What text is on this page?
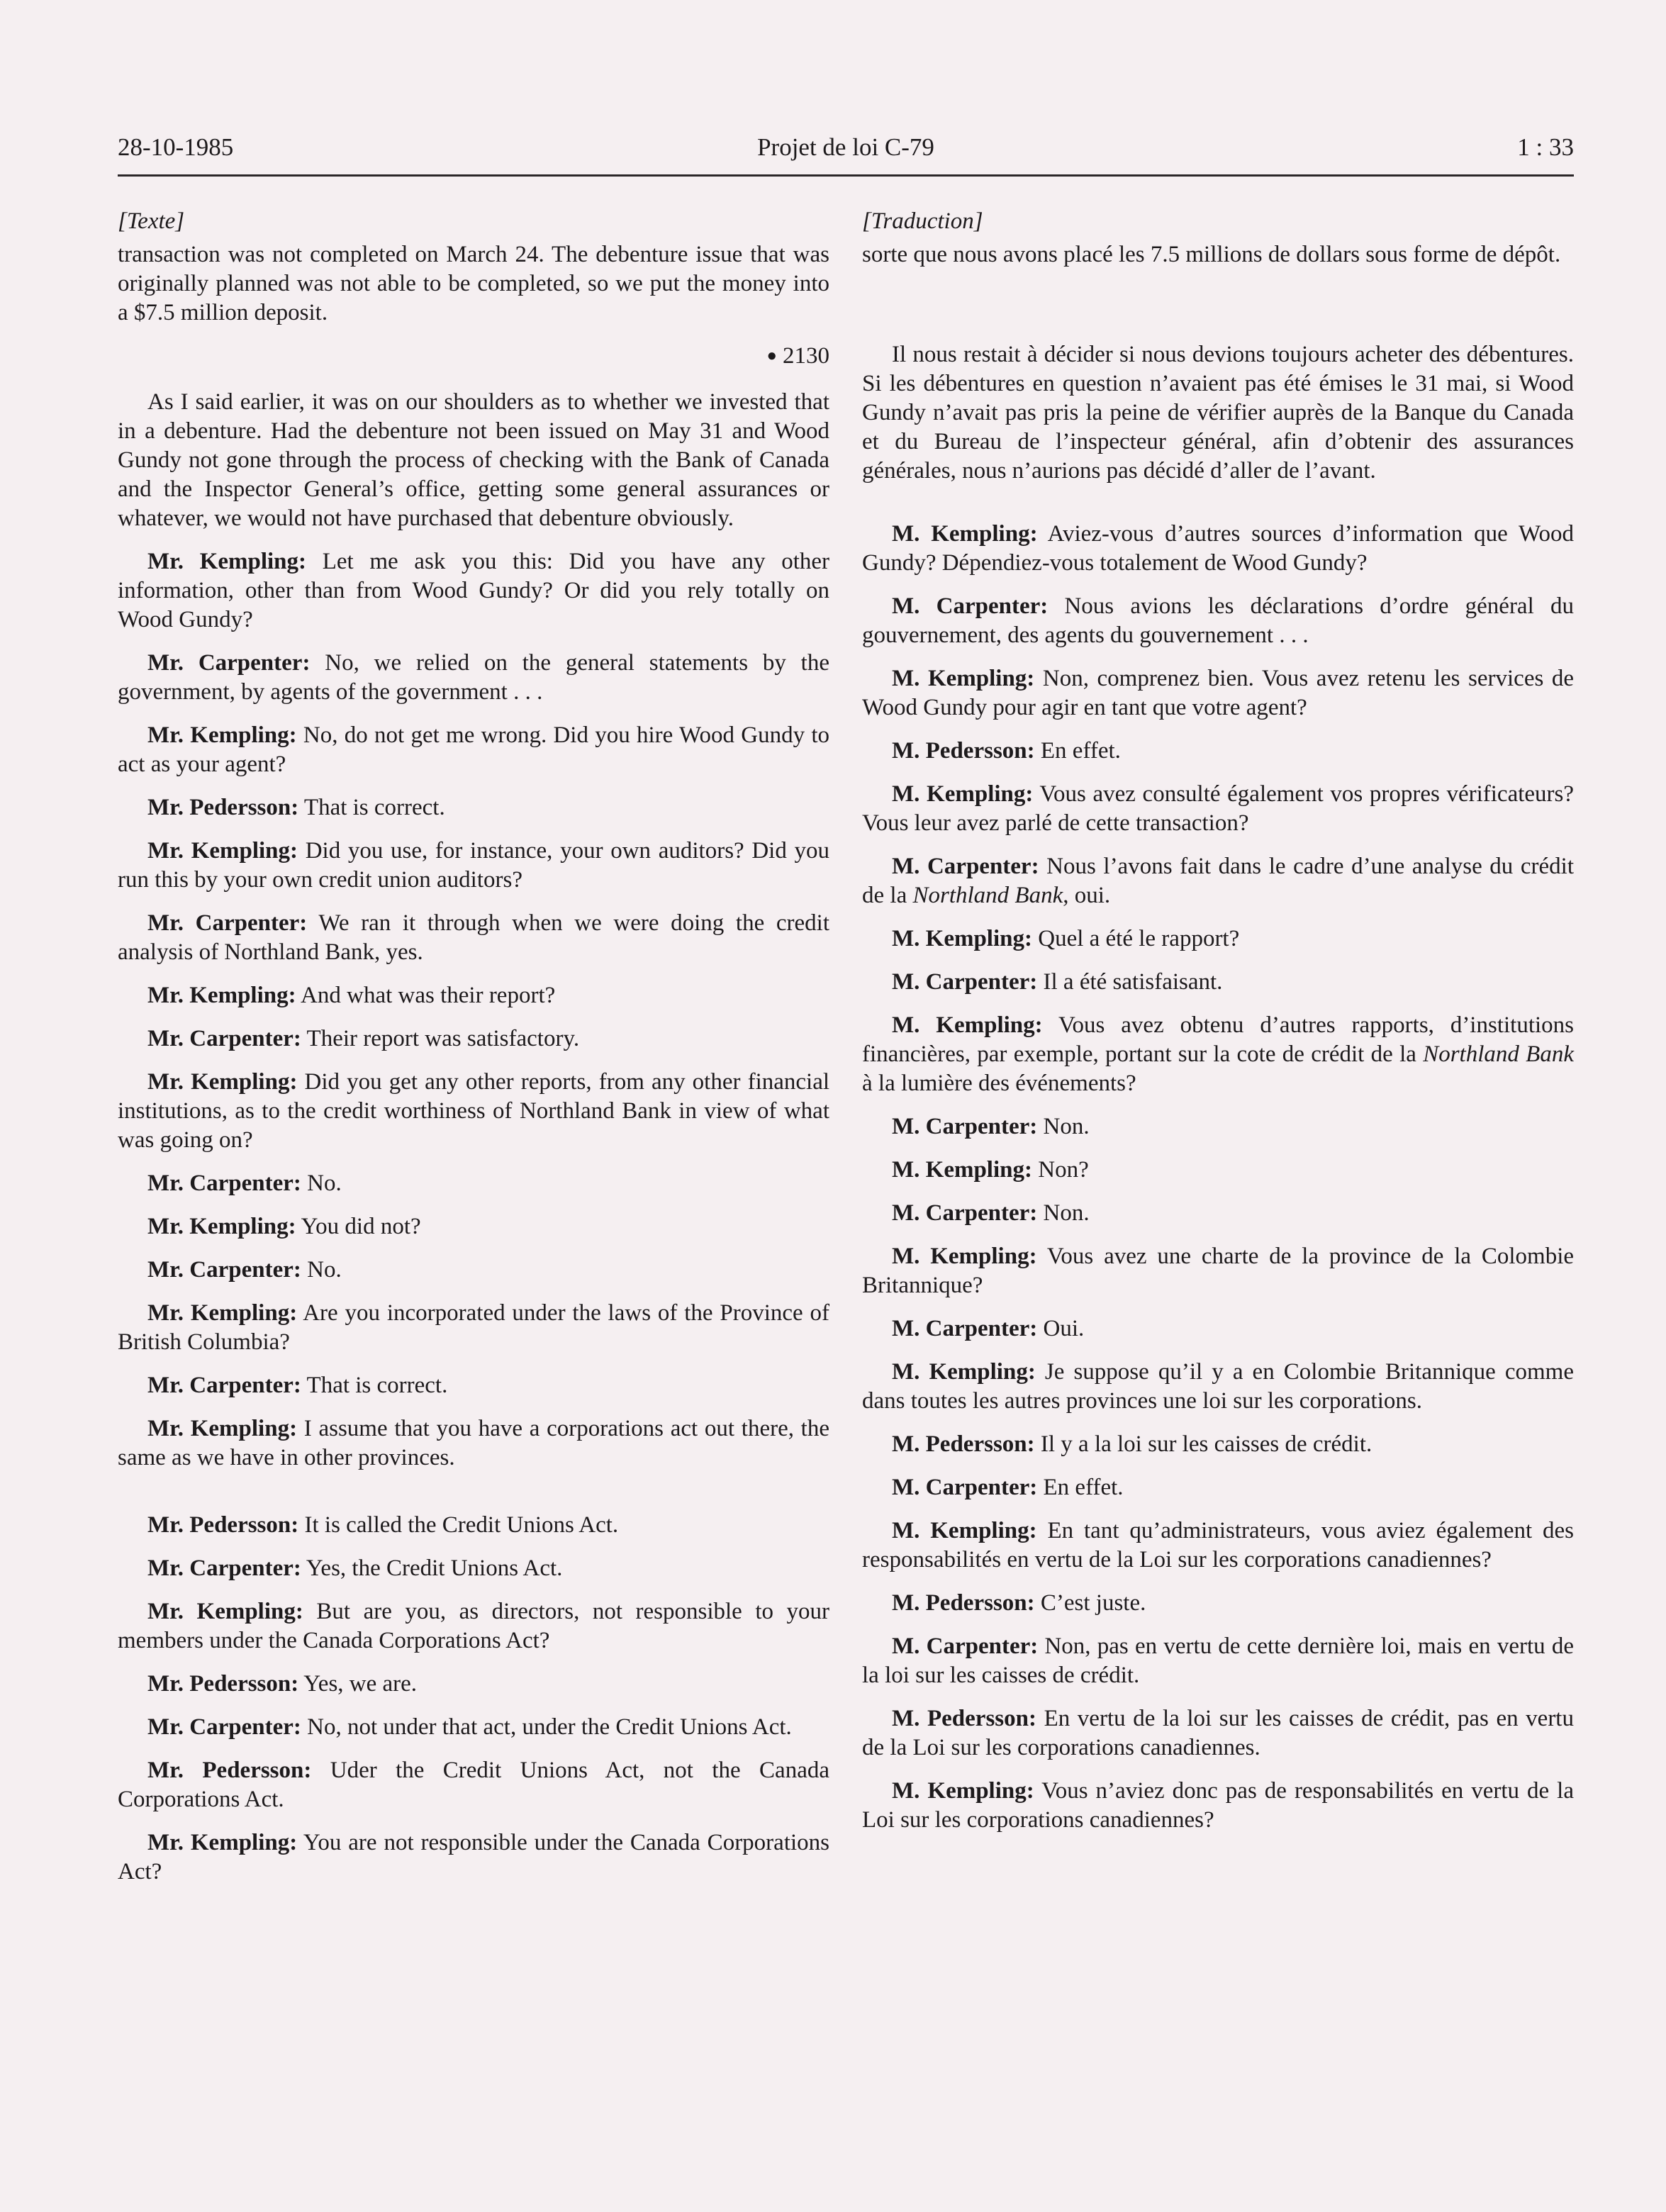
28-10-1985	Projet de loi C-79	1 : 33

[Texte]

transaction was not completed on March 24. The debenture issue that was originally planned was not able to be completed, so we put the money into a $7.5 million deposit.

● 2130

As I said earlier, it was on our shoulders as to whether we invested that in a debenture. Had the debenture not been issued on May 31 and Wood Gundy not gone through the process of checking with the Bank of Canada and the Inspector General’s office, getting some general assurances or whatever, we would not have purchased that debenture obviously.

Mr. Kempling: Let me ask you this: Did you have any other information, other than from Wood Gundy? Or did you rely totally on Wood Gundy?

Mr. Carpenter: No, we relied on the general statements by the government, by agents of the government . . .

Mr. Kempling: No, do not get me wrong. Did you hire Wood Gundy to act as your agent?

Mr. Pedersson: That is correct.

Mr. Kempling: Did you use, for instance, your own auditors? Did you run this by your own credit union auditors?

Mr. Carpenter: We ran it through when we were doing the credit analysis of Northland Bank, yes.

Mr. Kempling: And what was their report?

Mr. Carpenter: Their report was satisfactory.

Mr. Kempling: Did you get any other reports, from any other financial institutions, as to the credit worthiness of Northland Bank in view of what was going on?

Mr. Carpenter: No.

Mr. Kempling: You did not?

Mr. Carpenter: No.

Mr. Kempling: Are you incorporated under the laws of the Province of British Columbia?

Mr. Carpenter: That is correct.

Mr. Kempling: I assume that you have a corporations act out there, the same as we have in other provinces.

Mr. Pedersson: It is called the Credit Unions Act.

Mr. Carpenter: Yes, the Credit Unions Act.

Mr. Kempling: But are you, as directors, not responsible to your members under the Canada Corporations Act?

Mr. Pedersson: Yes, we are.

Mr. Carpenter: No, not under that act, under the Credit Unions Act.

Mr. Pedersson: Uder the Credit Unions Act, not the Canada Corporations Act.

Mr. Kempling: You are not responsible under the Canada Corporations Act?

[Traduction]

sorte que nous avons placé les 7.5 millions de dollars sous forme de dépôt.

Il nous restait à décider si nous devions toujours acheter des débentures. Si les débentures en question n’avaient pas été émises le 31 mai, si Wood Gundy n’avait pas pris la peine de vérifier auprès de la Banque du Canada et du Bureau de l’inspecteur général, afin d’obtenir des assurances générales, nous n’aurions pas décidé d’aller de l’avant.

M. Kempling: Aviez-vous d’autres sources d’information que Wood Gundy? Dépendiez-vous totalement de Wood Gundy?

M. Carpenter: Nous avions les déclarations d’ordre général du gouvernement, des agents du gouvernement . . .

M. Kempling: Non, comprenez bien. Vous avez retenu les services de Wood Gundy pour agir en tant que votre agent?

M. Pedersson: En effet.

M. Kempling: Vous avez consulté également vos propres vérificateurs? Vous leur avez parlé de cette transaction?

M. Carpenter: Nous l’avons fait dans le cadre d’une analyse du crédit de la Northland Bank, oui.

M. Kempling: Quel a été le rapport?

M. Carpenter: Il a été satisfaisant.

M. Kempling: Vous avez obtenu d’autres rapports, d’institutions financières, par exemple, portant sur la cote de crédit de la Northland Bank à la lumière des événements?

M. Carpenter: Non.

M. Kempling: Non?

M. Carpenter: Non.

M. Kempling: Vous avez une charte de la province de la Colombie Britannique?

M. Carpenter: Oui.

M. Kempling: Je suppose qu’il y a en Colombie Britannique comme dans toutes les autres provinces une loi sur les corporations.

M. Pedersson: Il y a la loi sur les caisses de crédit.

M. Carpenter: En effet.

M. Kempling: En tant qu’administrateurs, vous aviez également des responsabilités en vertu de la Loi sur les corporations canadiennes?

M. Pedersson: C’est juste.

M. Carpenter: Non, pas en vertu de cette dernière loi, mais en vertu de la loi sur les caisses de crédit.

M. Pedersson: En vertu de la loi sur les caisses de crédit, pas en vertu de la Loi sur les corporations canadiennes.

M. Kempling: Vous n’aviez donc pas de responsabilités en vertu de la Loi sur les corporations canadiennes?
